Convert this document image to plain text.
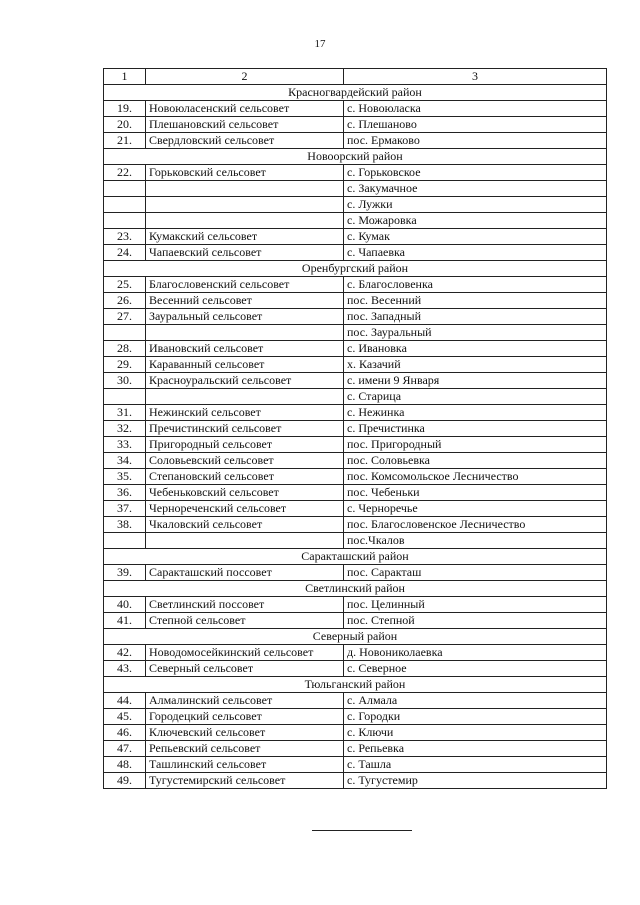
17
1	2	3
Красногвардейский район		
19.	Новоюласенский сельсовет	с. Новоюласка
20.	Плешановский сельсовет	с. Плешаново
21.	Свердловский сельсовет	пос. Ермаково
Новоорский район		
22.	Горьковский сельсовет	с. Горьковское
		с. Закумачное
		с. Лужки
		с. Можаровка
23.	Кумакский сельсовет	с. Кумак
24.	Чапаевский сельсовет	с. Чапаевка
Оренбургский район		
25.	Благословенский сельсовет	с. Благословенка
26.	Весенний сельсовет	пос. Весенний
27.	Зауральный сельсовет	пос. Западный
		пос. Зауральный
28.	Ивановский сельсовет	с. Ивановка
29.	Караванный сельсовет	х. Казачий
30.	Красноуральский сельсовет	с. имени 9 Января
		с. Старица
31.	Нежинский сельсовет	с. Нежинка
32.	Пречистинский сельсовет	с. Пречистинка
33.	Пригородный сельсовет	пос. Пригородный
34.	Соловьевский сельсовет	пос. Соловьевка
35.	Степановский сельсовет	пос. Комсомольское Лесничество
36.	Чебеньковский сельсовет	пос. Чебеньки
37.	Чернореченский сельсовет	с. Черноречье
38.	Чкаловский сельсовет	пос. Благословенское Лесничество
		пос.Чкалов
Саракташский район		
39.	Саракташский поссовет	пос. Саракташ
Светлинский район		
40.	Светлинский поссовет	пос. Целинный
41.	Степной сельсовет	пос. Степной
Северный район		
42.	Новодомосейкинский сельсовет	д. Новониколаевка
43.	Северный сельсовет	с. Северное
Тюльганский район		
44.	Алмалинский сельсовет	с. Алмала
45.	Городецкий сельсовет	с. Городки
46.	Ключевский сельсовет	с. Ключи
47.	Репьевский сельсовет	с. Репьевка
48.	Ташлинский сельсовет	с. Ташла
49.	Тугустемирский сельсовет	с. Тугустемир
